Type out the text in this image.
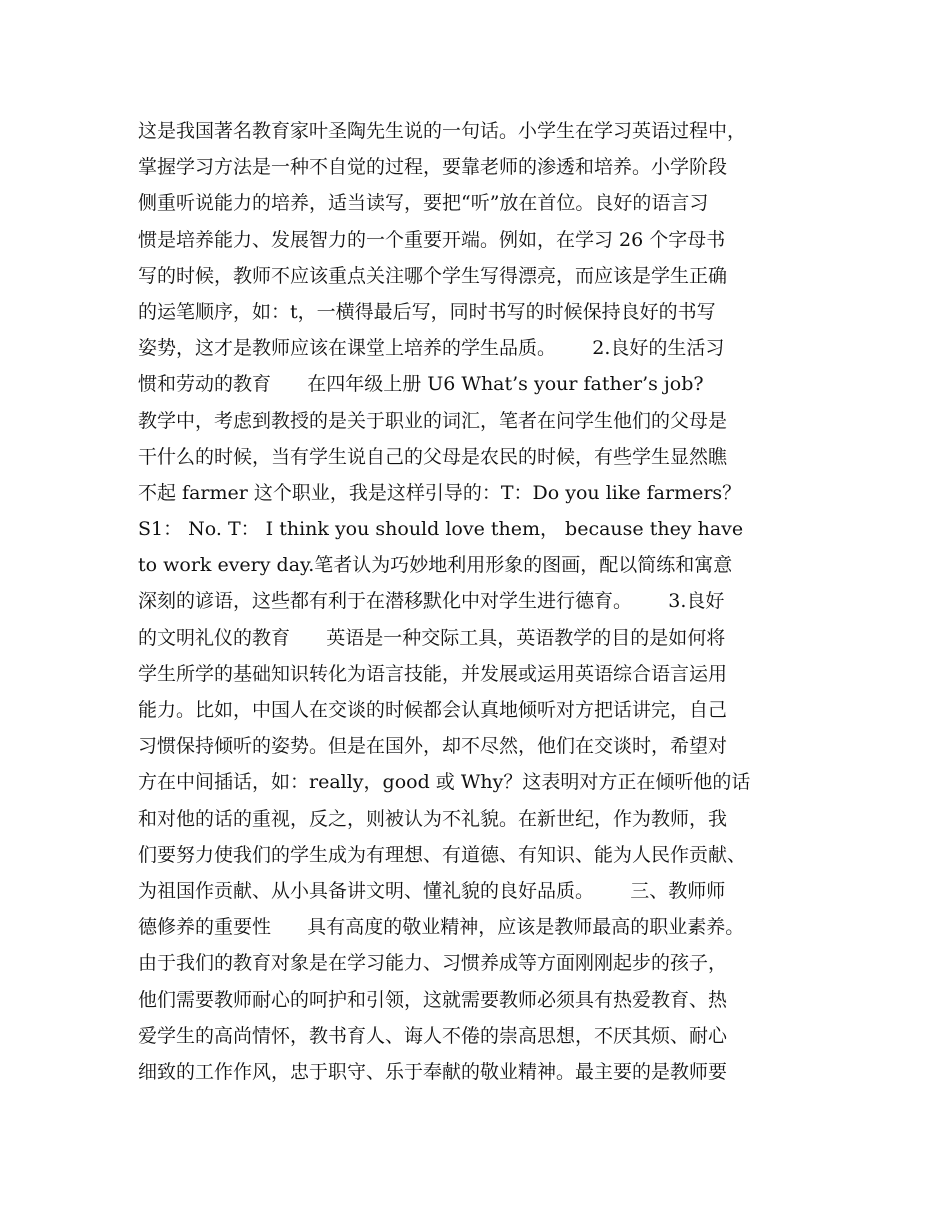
这是我国著名教育家叶圣陶先生说的一句话。小学生在学习英语过程中，
掌握学习方法是一种不自觉的过程，要靠老师的渗透和培养。小学阶段
侧重听说能力的培养，适当读写，要把“听”放在首位。良好的语言习
惯是培养能力、发展智力的一个重要开端。例如，在学习 26 个字母书
写的时候，教师不应该重点关注哪个学生写得漂亮，而应该是学生正确
的运笔顺序，如：t，一横得最后写，同时书写的时候保持良好的书写
姿势，这才是教师应该在课堂上培养的学生品质。      2.良好的生活习
惯和劳动的教育      在四年级上册 U6 What’s your father’s job?
教学中，考虑到教授的是关于职业的词汇，笔者在问学生他们的父母是
干什么的时候，当有学生说自己的父母是农民的时候，有些学生显然瞧
不起 farmer 这个职业，我是这样引导的：T：Do you like farmers？
S1： No. T： I think you should love them， because they have
to work every day.笔者认为巧妙地利用形象的图画，配以简练和寓意
深刻的谚语，这些都有利于在潜移默化中对学生进行德育。      3.良好
的文明礼仪的教育      英语是一种交际工具，英语教学的目的是如何将
学生所学的基础知识转化为语言技能，并发展或运用英语综合语言运用
能力。比如，中国人在交谈的时候都会认真地倾听对方把话讲完，自己
习惯保持倾听的姿势。但是在国外，却不尽然，他们在交谈时，希望对
方在中间插话，如：really，good 或 Why？这表明对方正在倾听他的话
和对他的话的重视，反之，则被认为不礼貌。在新世纪，作为教师，我
们要努力使我们的学生成为有理想、有道德、有知识、能为人民作贡献、
为祖国作贡献、从小具备讲文明、懂礼貌的良好品质。      三、教师师
德修养的重要性      具有高度的敬业精神，应该是教师最高的职业素养。
由于我们的教育对象是在学习能力、习惯养成等方面刚刚起步的孩子，
他们需要教师耐心的呵护和引领，这就需要教师必须具有热爱教育、热
爱学生的高尚情怀，教书育人、诲人不倦的崇高思想，不厌其烦、耐心
细致的工作作风，忠于职守、乐于奉献的敬业精神。最主要的是教师要
